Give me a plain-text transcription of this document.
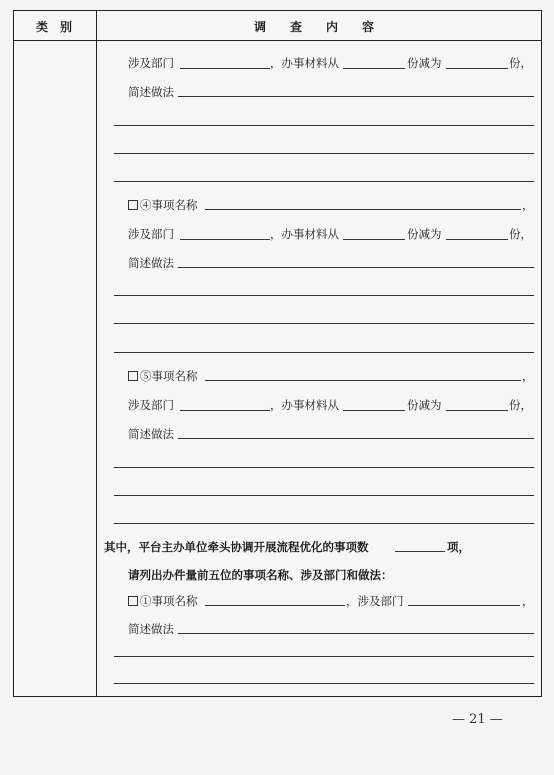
类　别	调　　查　　内　　容
涉及部门	，办事材料从	份减为	份，
简述做法
④事项名称	，
涉及部门	，办事材料从	份减为	份，
简述做法
⑤事项名称	，
涉及部门	，办事材料从	份减为	份，
简述做法
其中，平台主办单位牵头协调开展流程优化的事项数	项，
请列出办件量前五位的事项名称、涉及部门和做法：
①事项名称	，涉及部门	，
简述做法
— 21 —
